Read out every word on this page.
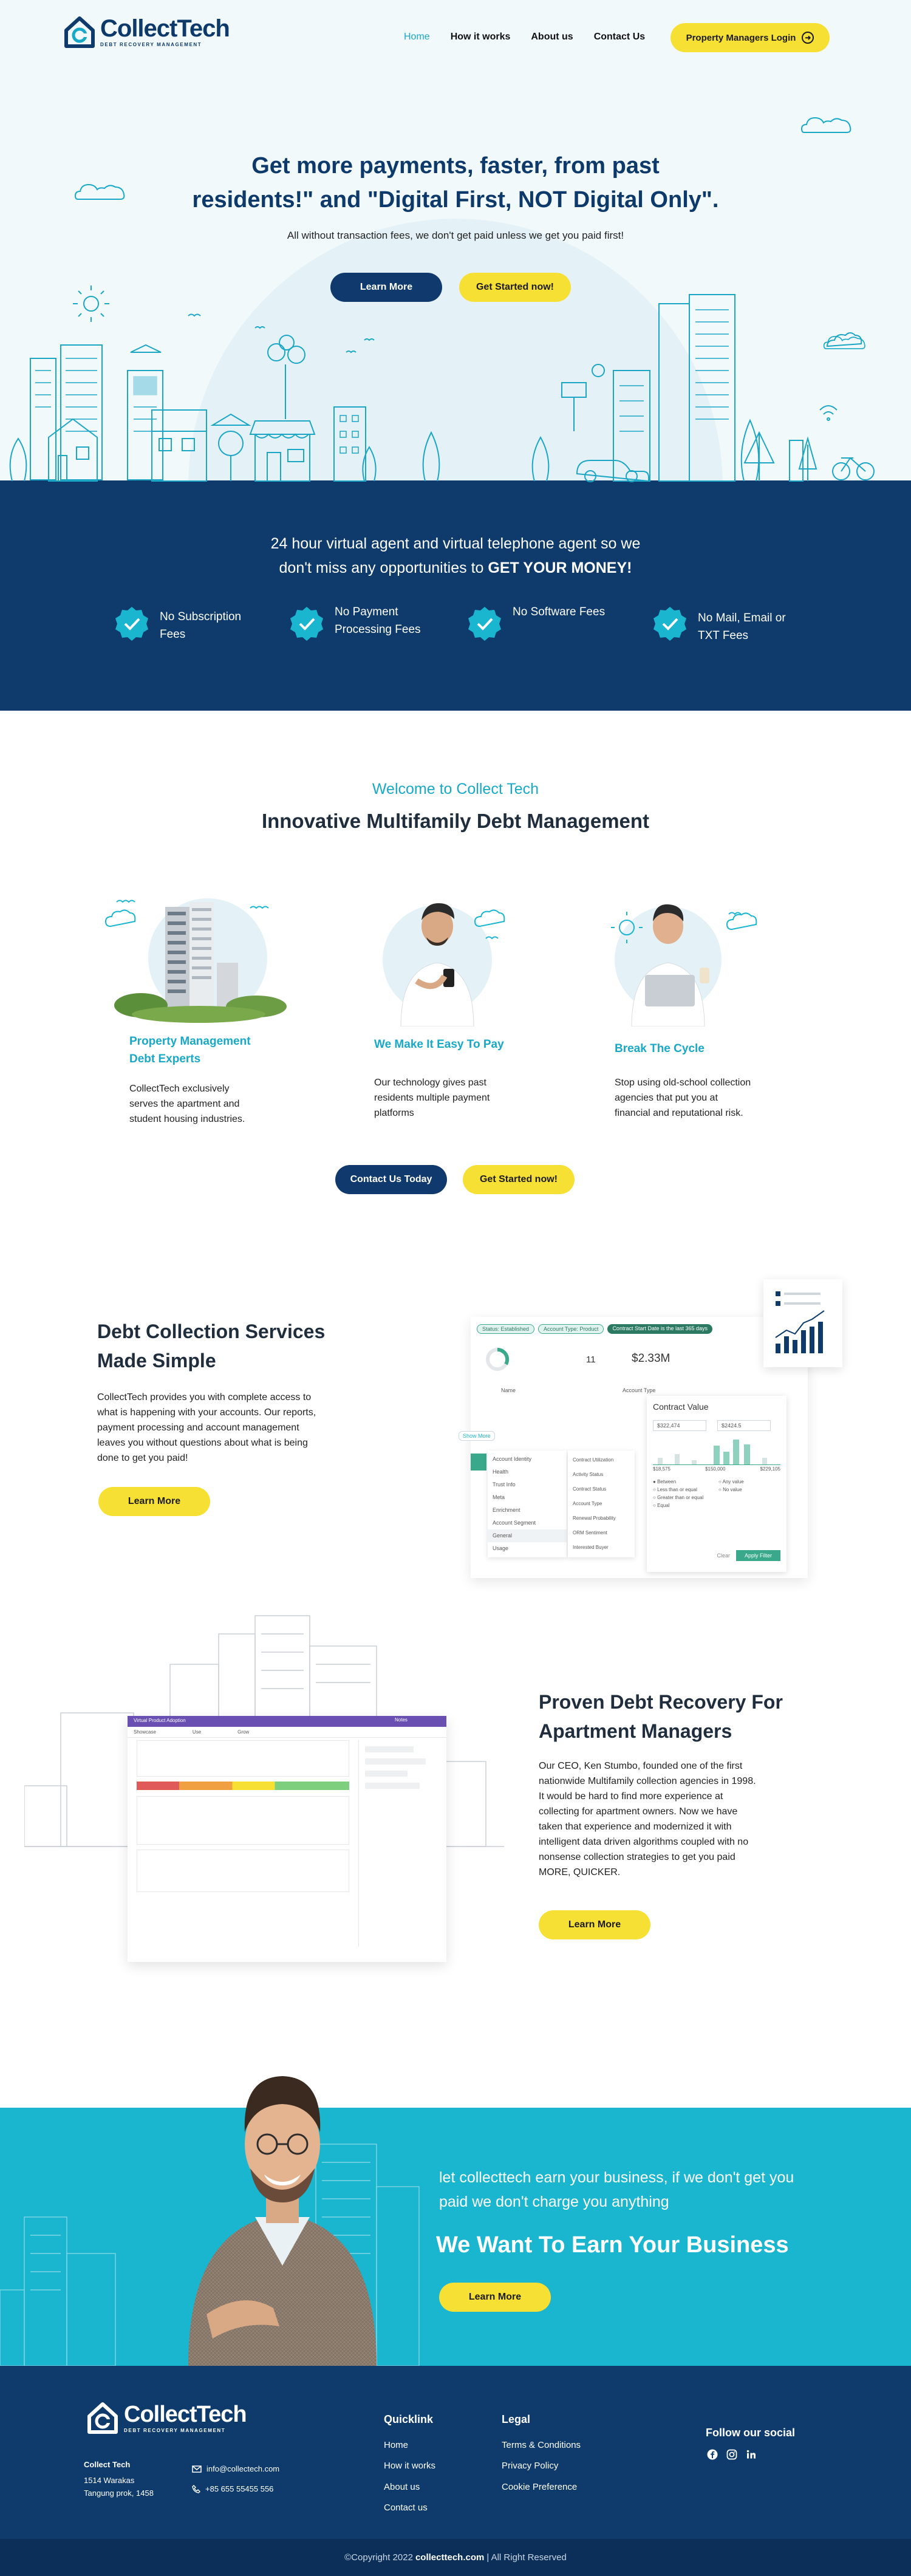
Get more payments, faster, from past
residents!" and "Digital First, NOT Digital Only".

All without transaction fees, we don't get paid unless we get you paid first!

Learn More	Get Started now!
CollectTech
DEBT RECOVERY MANAGEMENT
Home How it works About us Contact Us	Property Managers Login	➜
24 hour virtual agent and virtual telephone agent so we
don't miss any opportunities to GET YOUR MONEY!
No Subscription
Fees
No Payment
Processing Fees
No Software Fees	No Mail, Email or
TXT Fees
Welcome to Collect Tech
Innovative Multifamily Debt Management
Property Management
Debt Experts
CollectTech exclusively
serves the apartment and
student housing industries.
We Make It Easy To Pay
Our technology gives past
residents multiple payment
platforms
Break The Cycle
Stop using old-school collection
agencies that put you at
financial and reputational risk.
Contact Us Today	Get Started now!
Debt Collection Services
Made Simple
CollectTech provides you with complete access to
what is happening with your accounts. Our reports,
payment processing and account management
leaves you without questions about what is being
done to get you paid!
Learn More
Status: Established	Account Type: Product	Contract Start Date is the last 365 days
11	$2.33M
Name	Account Type
Show More
Account Identity
Health
Trust Info
Meta
Enrichment
Account Segment
General
Usage
Contract Utilization
Activity Status
Contract Status
Account Type
Renewal Probability
ORM Sentiment
Interested Buyer
Contract Value
$322,474	$2424.5
$18,575	$150,000	$229,105
● Between	○ Any value
○ Less than or equal	○ No value
○ Greater than or equal
○ Equal
Clear	Apply Filter
Virtual Product Adoption
Showcase	Use	Grow
Notes
Proven Debt Recovery For
Apartment Managers
Our CEO, Ken Stumbo, founded one of the first
nationwide Multifamily collection agencies in 1998.
It would be hard to find more experience at
collecting for apartment owners. Now we have
taken that experience and modernized it with
intelligent data driven algorithms coupled with no
nonsense collection strategies to get you paid
MORE, QUICKER.
Learn More
let collecttech earn your business, if we don't get you
paid we don't charge you anything
We Want To Earn Your Business
Learn More
CollectTech
DEBT RECOVERY MANAGEMENT
Collect Tech
1514 Warakas
Tangung prok, 1458
info@collectech.com
+85 655 55455 556
Quicklink
Home
How it works
About us
Contact us
Legal
Terms & Conditions
Privacy Policy
Cookie Preference
Follow our social
©Copyright 2022 collecttech.com | All Right Reserved
